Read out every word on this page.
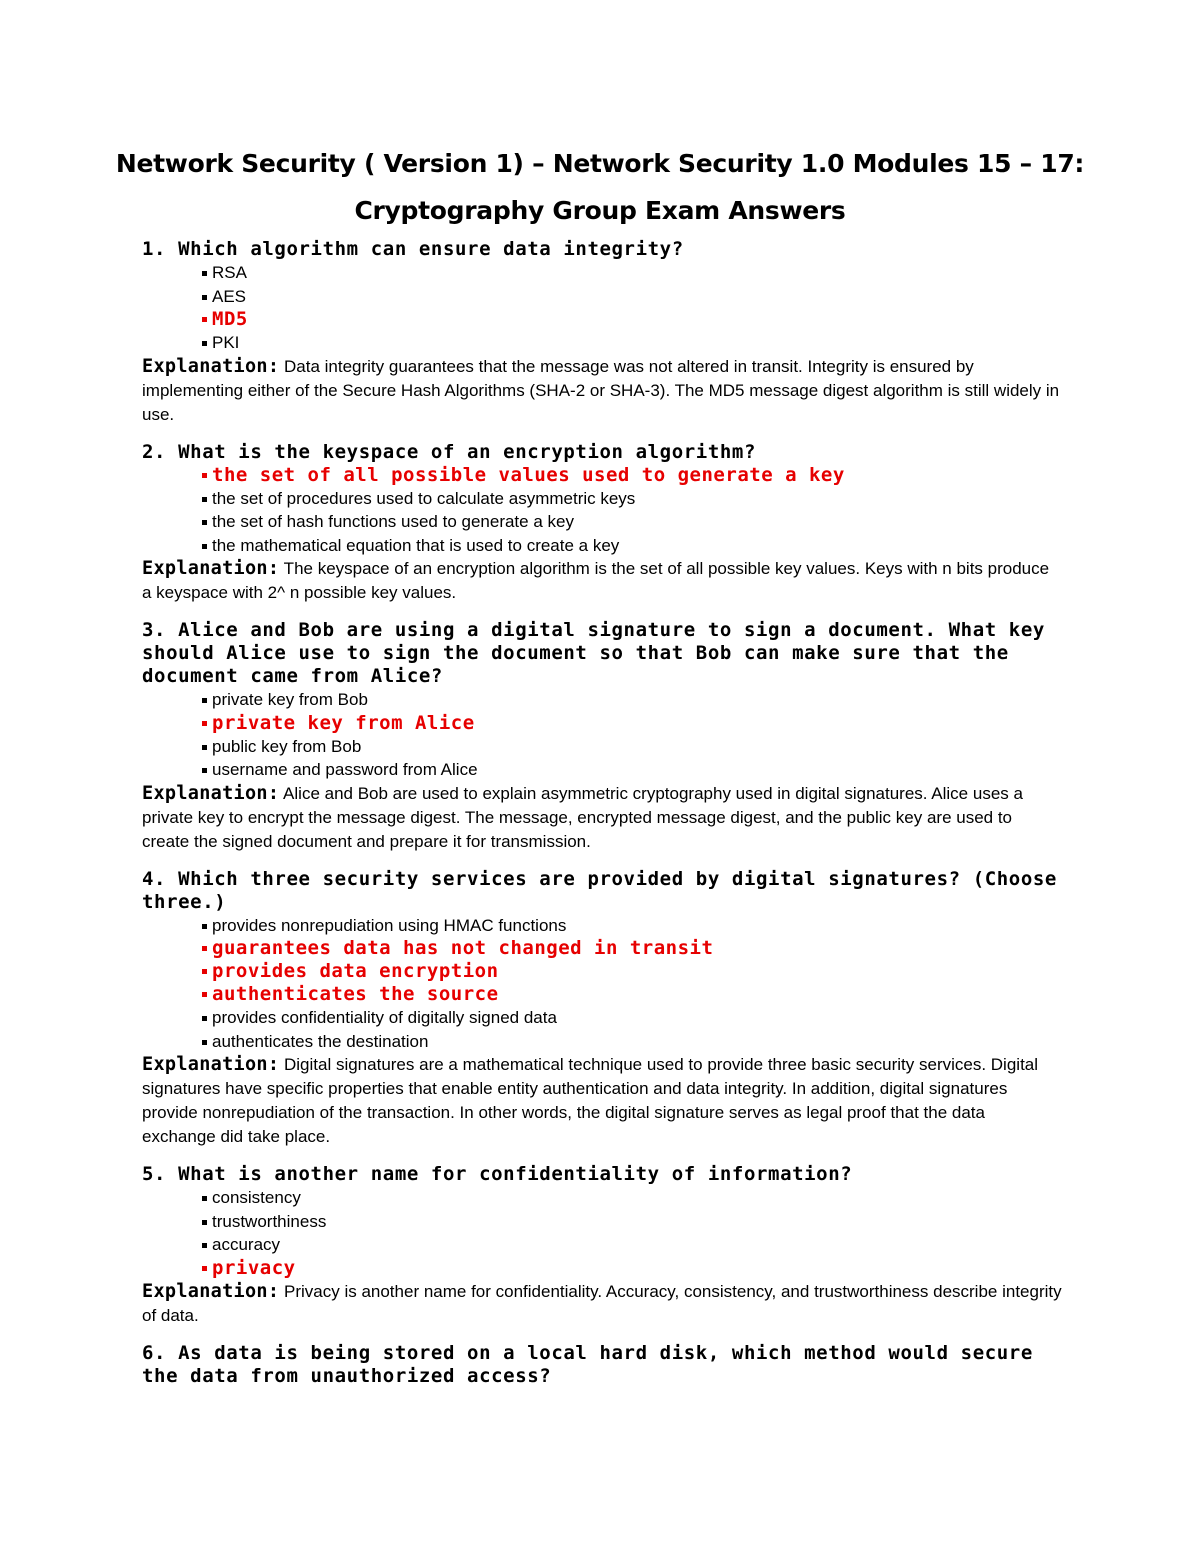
Network Security ( Version 1) – Network Security 1.0 Modules 15 – 17:
Cryptography Group Exam Answers

1. Which algorithm can ensure data integrity?

RSA
AES
MD5
PKI

Explanation: Data integrity guarantees that the message was not altered in transit. Integrity is ensured by implementing either of the Secure Hash Algorithms (SHA-2 or SHA-3). The MD5 message digest algorithm is still widely in use.

2. What is the keyspace of an encryption algorithm?

the set of all possible values used to generate a key
the set of procedures used to calculate asymmetric keys
the set of hash functions used to generate a key
the mathematical equation that is used to create a key

Explanation: The keyspace of an encryption algorithm is the set of all possible key values. Keys with n bits produce a keyspace with 2^ n possible key values.

3. Alice and Bob are using a digital signature to sign a document. What key should Alice use to sign the document so that Bob can make sure that the document came from Alice?

private key from Bob
private key from Alice
public key from Bob
username and password from Alice

Explanation: Alice and Bob are used to explain asymmetric cryptography used in digital signatures. Alice uses a private key to encrypt the message digest. The message, encrypted message digest, and the public key are used to create the signed document and prepare it for transmission.

4. Which three security services are provided by digital signatures? (Choose three.)

provides nonrepudiation using HMAC functions
guarantees data has not changed in transit
provides data encryption
authenticates the source
provides confidentiality of digitally signed data
authenticates the destination

Explanation: Digital signatures are a mathematical technique used to provide three basic security services. Digital signatures have specific properties that enable entity authentication and data integrity. In addition, digital signatures provide nonrepudiation of the transaction. In other words, the digital signature serves as legal proof that the data exchange did take place.

5. What is another name for confidentiality of information?

consistency
trustworthiness
accuracy
privacy

Explanation: Privacy is another name for confidentiality. Accuracy, consistency, and trustworthiness describe integrity of data.

6. As data is being stored on a local hard disk, which method would secure the data from unauthorized access?
